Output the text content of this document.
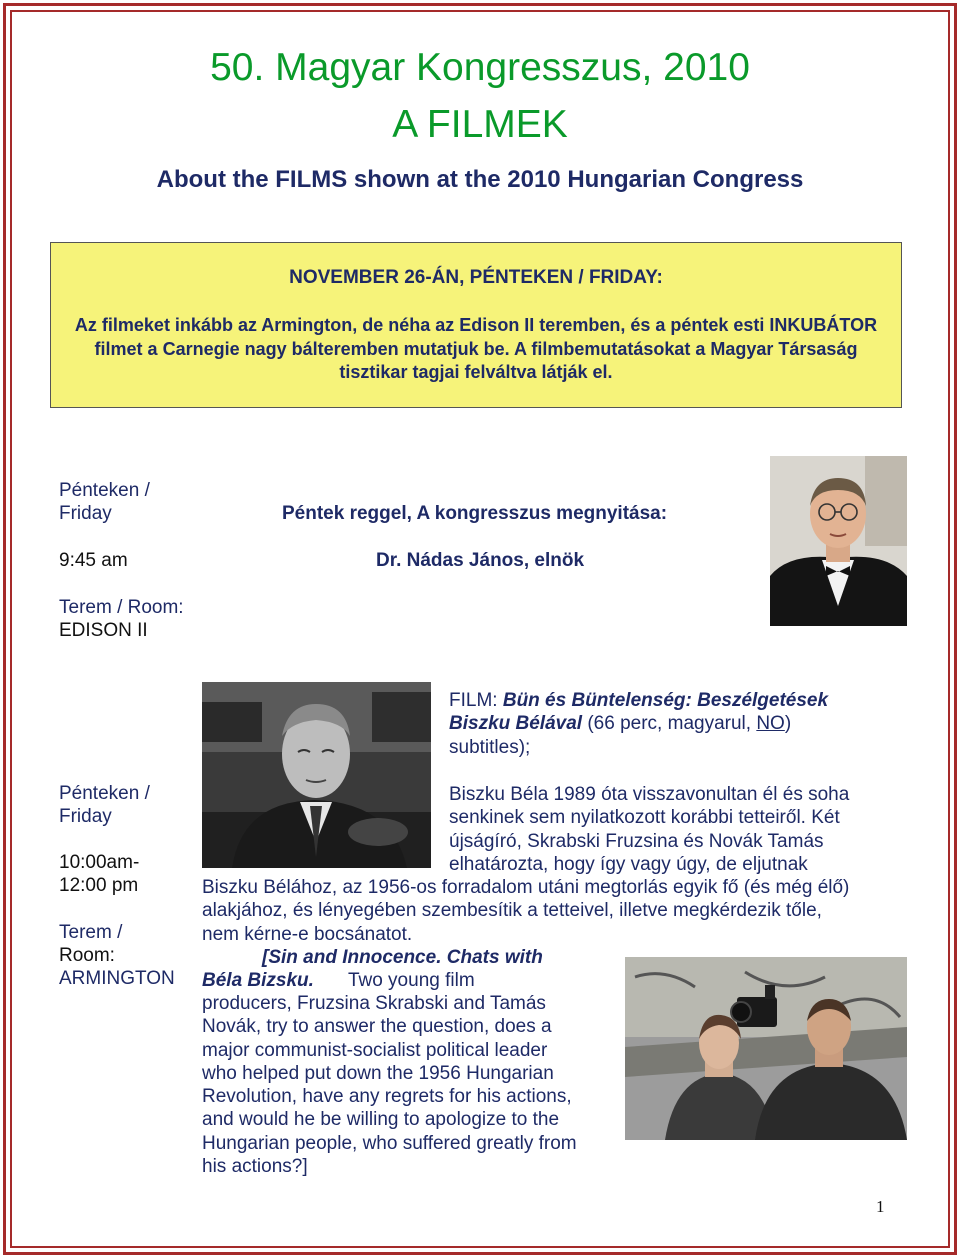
50. Magyar Kongresszus, 2010
A FILMEK
About the FILMS shown at the 2010 Hungarian Congress
NOVEMBER 26-ÁN, PÉNTEKEN / FRIDAY:
Az filmeket inkább az Armington, de néha az Edison II teremben, és a péntek esti INKUBÁTOR filmet a Carnegie nagy bálteremben mutatjuk be. A filmbemutatásokat a Magyar Társaság tisztikar tagjai felváltva látják el.
Pénteken /
Friday
9:45 am
Terem / Room:
EDISON II
Péntek reggel, A kongresszus megnyitása:
Dr. Nádas János, elnök
Pénteken /
Friday
10:00am-
12:00 pm
Terem /
Room:
ARMINGTON
FILM: Bün és Büntelenség: Beszélgetések
Biszku Bélával (66 perc, magyarul, NO)
subtitles);
Biszku Béla 1989 óta visszavonultan él és soha
senkinek sem nyilatkozott korábbi tetteiről. Két
újságíró, Skrabski Fruzsina és Novák Tamás
elhatározta, hogy így vagy úgy, de eljutnak
Biszku Bélához, az 1956-os forradalom utáni megtorlás egyik fő (és még élő)
alakjához, és lényegében szembesítik a tetteivel, illetve megkérdezik tőle,
nem kérne-e bocsánatot.
[Sin and Innocence. Chats with
Béla Bizsku. Two young film
producers, Fruzsina Skrabski and Tamás
Novák, try to answer the question, does a
major communist-socialist political leader
who helped put down the 1956 Hungarian
Revolution, have any regrets for his actions,
and would he be willing to apologize to the
Hungarian people, who suffered greatly from
his actions?]
1
